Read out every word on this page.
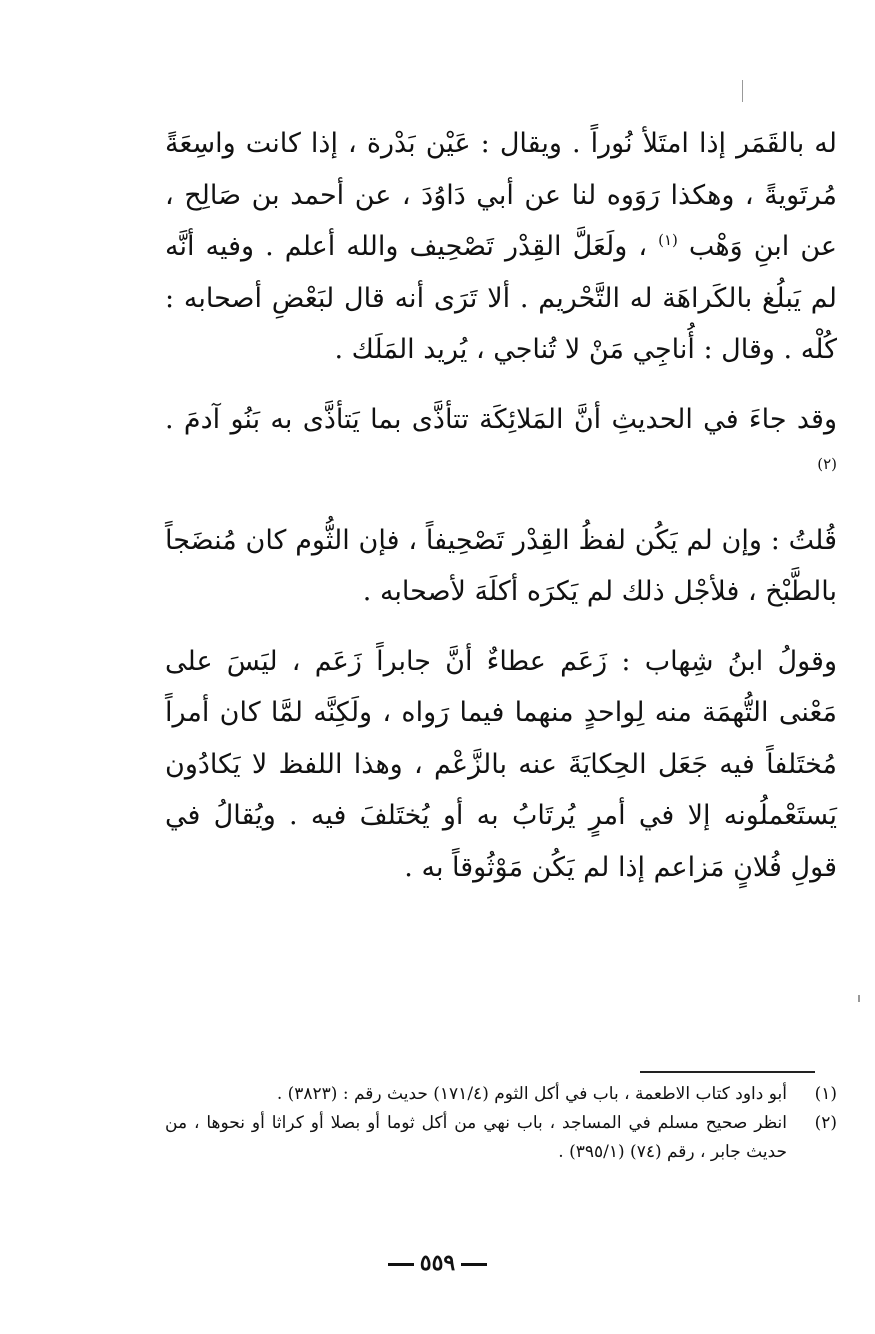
له بالقَمَر إذا امتَلأ نُوراً . ويقال : عَيْن بَدْرة ، إذا كانت واسِعَةً مُرتَويةً ، وهكذا رَوَوه لنا عن أبي دَاوُدَ ، عن أحمد بن صَالِح ، عن ابنِ وَهْب $^{(١)}$ ، ولَعَلَّ القِدْر تَصْحِيف والله أعلم . وفيه أنَّه لم يَبلُغ بالكَراهَة له التَّحْريم . ألا تَرَى أنه قال لبَعْضِ أصحابه : كُلْه . وقال : أُناجِي مَنْ لا تُناجي ، يُريد المَلَك .

وقد جاءَ في الحديثِ أنَّ المَلائِكَة تتأذَّى بما يَتأذَّى به بَنُو آدمَ . $^{(٢)}$

قُلتُ : وإن لم يَكُن لفظُ القِدْر تَصْحِيفاً ، فإن الثُّوم كان مُنضَجاً بالطَّبْخ ، فلأجْل ذلك لم يَكرَه أكلَهَ لأصحابه .

وقولُ ابنُ شِهاب : زَعَم عطاءٌ أنَّ جابراً زَعَم ، ليَسَ على مَعْنى التُّهمَة منه لِواحدٍ منهما فيما رَواه ، ولَكِنَّه لمَّا كان أمراً مُختَلفاً فيه جَعَل الحِكايَةَ عنه بالزَّعْم ، وهذا اللفظ لا يَكادُون يَستَعْملُونه إلا في أمرٍ يُرتَابُ به أو يُختَلفَ فيه . ويُقالُ في قولِ فُلانٍ مَزاعم إذا لم يَكُن مَوْثُوقاً به .

(١)
أبو داود كتاب الاطعمة ، باب في أكل الثوم (١٧١/٤) حديث رقم : (٣٨٢٣) .
(٢)
انظر صحيح مسلم في المساجد ، باب نهي من أكل ثوما أو بصلا أو كراثا أو نحوها ، من حديث جابر ، رقم (٧٤) (٣٩٥/١) .
٥٥٩
